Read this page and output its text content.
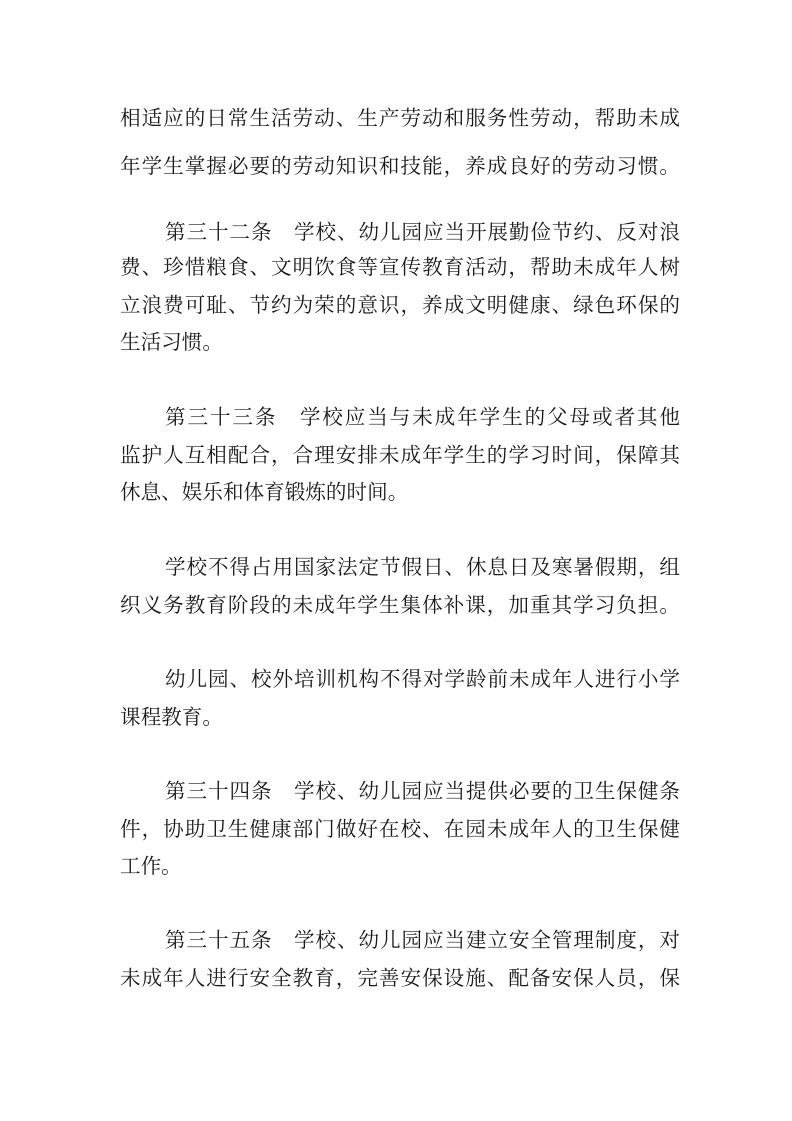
相适应的日常生活劳动、生产劳动和服务性劳动，帮助未成
年学生掌握必要的劳动知识和技能，养成良好的劳动习惯。
第三十二条　学校、幼儿园应当开展勤俭节约、反对浪
费、珍惜粮食、文明饮食等宣传教育活动，帮助未成年人树
立浪费可耻、节约为荣的意识，养成文明健康、绿色环保的
生活习惯。
第三十三条　学校应当与未成年学生的父母或者其他
监护人互相配合，合理安排未成年学生的学习时间，保障其
休息、娱乐和体育锻炼的时间。
学校不得占用国家法定节假日、休息日及寒暑假期，组
织义务教育阶段的未成年学生集体补课，加重其学习负担。
幼儿园、校外培训机构不得对学龄前未成年人进行小学
课程教育。
第三十四条　学校、幼儿园应当提供必要的卫生保健条
件，协助卫生健康部门做好在校、在园未成年人的卫生保健
工作。
第三十五条　学校、幼儿园应当建立安全管理制度，对
未成年人进行安全教育，完善安保设施、配备安保人员，保
